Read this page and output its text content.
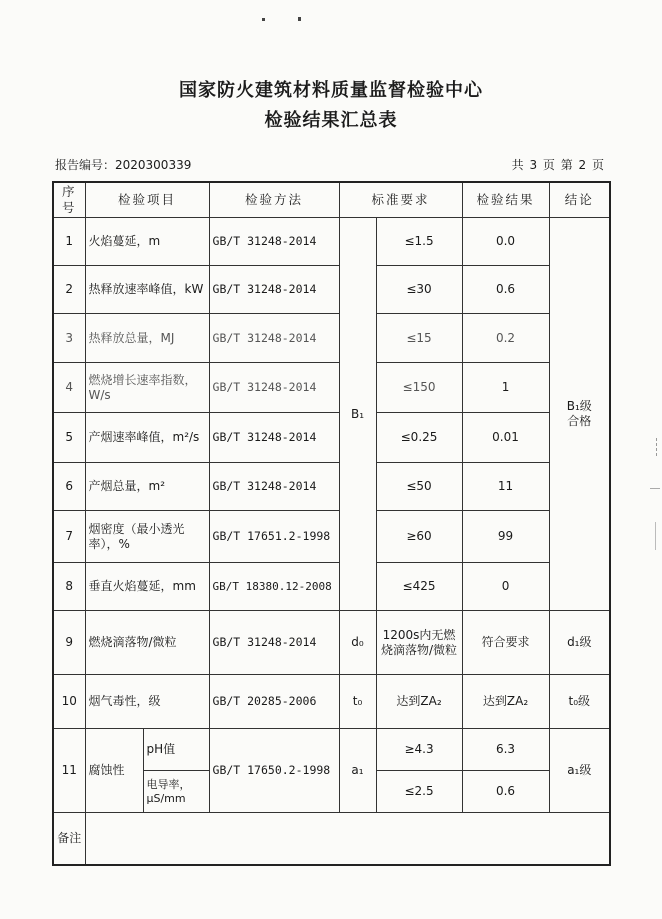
国家防火建筑材料质量监督检验中心
检验结果汇总表
报告编号：2020300339	共 3 页 第 2 页
序号	检验项目		检验方法	标准要求		检验结果	结论
1	火焰蔓延，m		GB/T 31248-2014	B₁	≤1.5	0.0	B₁级
合格

2	热释放速率峰值，kW		GB/T 31248-2014		≤30	0.6	
3	热释放总量，MJ		GB/T 31248-2014		≤15	0.2	
4	燃烧增长速率指数，W/s		GB/T 31248-2014		≤150	1	
5	产烟速率峰值，m²/s		GB/T 31248-2014		≤0.25	0.01	
6	产烟总量，m²		GB/T 31248-2014		≤50	11	
7	烟密度（最小透光率），%		GB/T 17651.2-1998		≥60	99	
8	垂直火焰蔓延，mm		GB/T 18380.12-2008		≤425	0	
9	燃烧滴落物/微粒		GB/T 31248-2014	d₀	1200s内无燃烧滴落物/微粒	符合要求	d₁级
10	烟气毒性，级		GB/T 20285-2006	t₀	达到ZA₂	达到ZA₂	t₀级
11	腐蚀性	pH值	GB/T 17650.2-1998	a₁	≥4.3	6.3	a₁级
		电导率，μS/mm			≤2.5	0.6	
备注							
